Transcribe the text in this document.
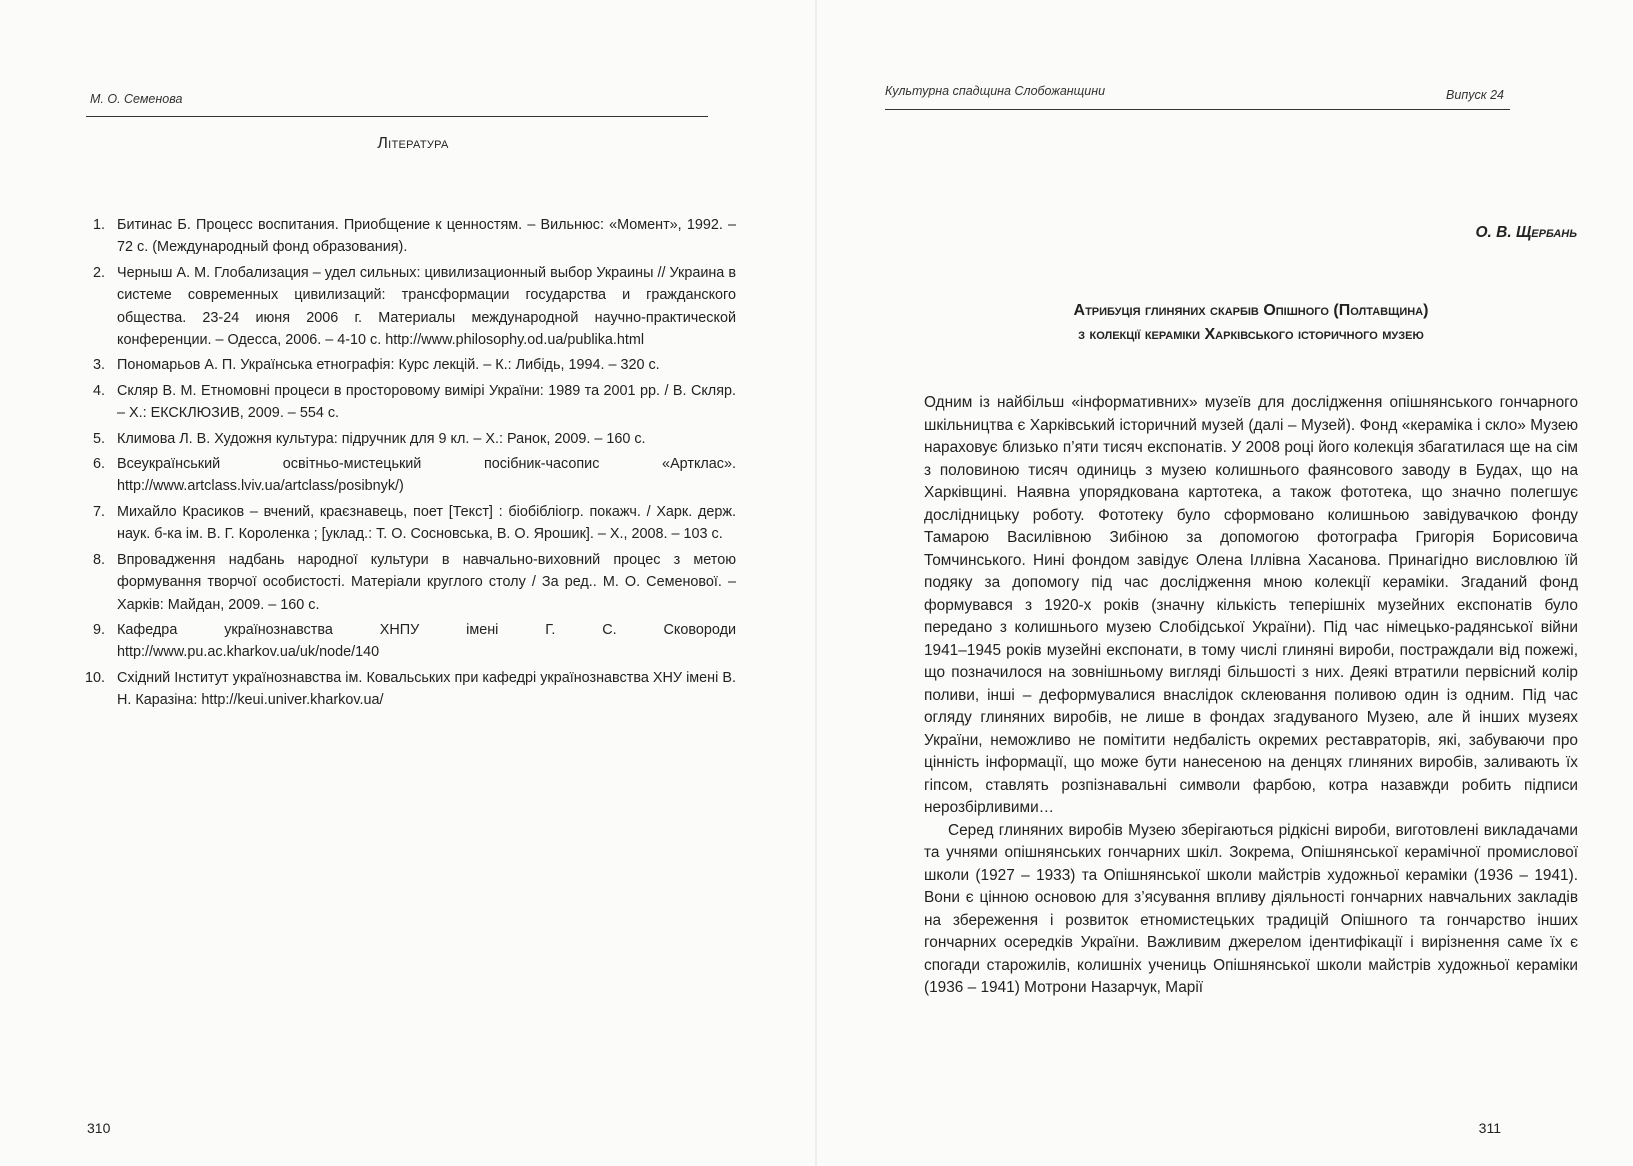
М. О. Семенова
Література
1. Битинас Б. Процесс воспитания. Приобщение к ценностям. – Вильнюс: «Момент», 1992. – 72 с. (Международный фонд образования).
2. Черныш А. М. Глобализация – удел сильных: цивилизационный выбор Украины // Украина в системе современных цивилизаций: трансформации государства и гражданского общества. 23-24 июня 2006 г. Материалы международной научно-практической конференции. – Одесса, 2006. – 4-10 с. http://www.philosophy.od.ua/publika.html
3. Пономарьов А. П. Українська етнографія: Курс лекцій. – К.: Либідь, 1994. – 320 с.
4. Скляр В. М. Етномовні процеси в просторовому вимірі України: 1989 та 2001 рр. / В. Скляр. – Х.: ЕКСКЛЮЗИВ, 2009. – 554 с.
5. Климова Л. В. Художня культура: підручник для 9 кл. – Х.: Ранок, 2009. – 160 с.
6. Всеукраїнський освітньо-мистецький посібник-часопис «Артклас». http://www.artclass.lviv.ua/artclass/posibnyk/)
7. Михайло Красиков – вчений, краєзнавець, поет [Текст] : біобібліогр. покажч. / Харк. держ. наук. б-ка ім. В. Г. Короленка ; [уклад.: Т. О. Сосновська, В. О. Ярошик]. – Х., 2008. – 103 с.
8. Впровадження надбань народної культури в навчально-виховний процес з метою формування творчої особистості. Матеріали круглого столу / За ред.. М. О. Семенової. – Харків: Майдан, 2009. – 160 с.
9. Кафедра українознавства ХНПУ імені Г. С. Сковороди http://www.pu.ac.kharkov.ua/uk/node/140
10. Східний Інститут українознавства ім. Ковальських при кафедрі українознавства ХНУ імені В. Н. Каразіна: http://keui.univer.kharkov.ua/
310
Культурна спадщина Слобожанщини	Випуск 24
О. В. Щербань
Атрибуція глиняних скарбів Опішного (Полтавщина)
з колекції кераміки Харківського історичного музею

Одним із найбільш «інформативних» музеїв для дослідження опішнянського гончарного шкільництва є Харківський історичний музей (далі – Музей). Фонд «кераміка і скло» Музею нараховує близько п’яти тисяч експонатів. У 2008 році його колекція збагатилася ще на сім з половиною тисяч одиниць з музею колишнього фаянсового заводу в Будах, що на Харківщині. Наявна упорядкована картотека, а також фототека, що значно полегшує дослідницьку роботу. Фототеку було сформовано колишньою завідувачкою фонду Тамарою Василівною Зибіною за допомогою фотографа Григорія Борисовича Томчинського. Нині фондом завідує Олена Іллівна Хасанова. Принагідно висловлюю їй подяку за допомогу під час дослідження мною колекції кераміки. Згаданий фонд формувався з 1920-х років (значну кількість теперішніх музейних експонатів було передано з колишнього музею Слобідської України). Під час німецько-радянської війни 1941–1945 років музейні експонати, в тому числі глиняні вироби, постраждали від пожежі, що позначилося на зовнішньому вигляді більшості з них. Деякі втратили первісний колір поливи, інші – деформувалися внаслідок склеювання поливою один із одним. Під час огляду глиняних виробів, не лише в фондах згадуваного Музею, але й інших музеях України, неможливо не помітити недбалість окремих реставраторів, які, забуваючи про цінність інформації, що може бути нанесеною на денцях глиняних виробів, заливають їх гіпсом, ставлять розпізнавальні символи фарбою, котра назавжди робить підписи нерозбірливими…

Серед глиняних виробів Музею зберігаються рідкісні вироби, виготовлені викладачами та учнями опішнянських гончарних шкіл. Зокрема, Опішнянської керамічної промислової школи (1927 – 1933) та Опішнянської школи майстрів художньої кераміки (1936 – 1941). Вони є цінною основою для з’ясування впливу діяльності гончарних навчальних закладів на збереження і розвиток етномистецьких традицій Опішного та гончарство інших гончарних осередків України. Важливим джерелом ідентифікації і вирізнення саме їх є спогади старожилів, колишніх учениць Опішнянської школи майстрів художньої кераміки (1936 – 1941) Мотрони Назарчук, Марії

311
